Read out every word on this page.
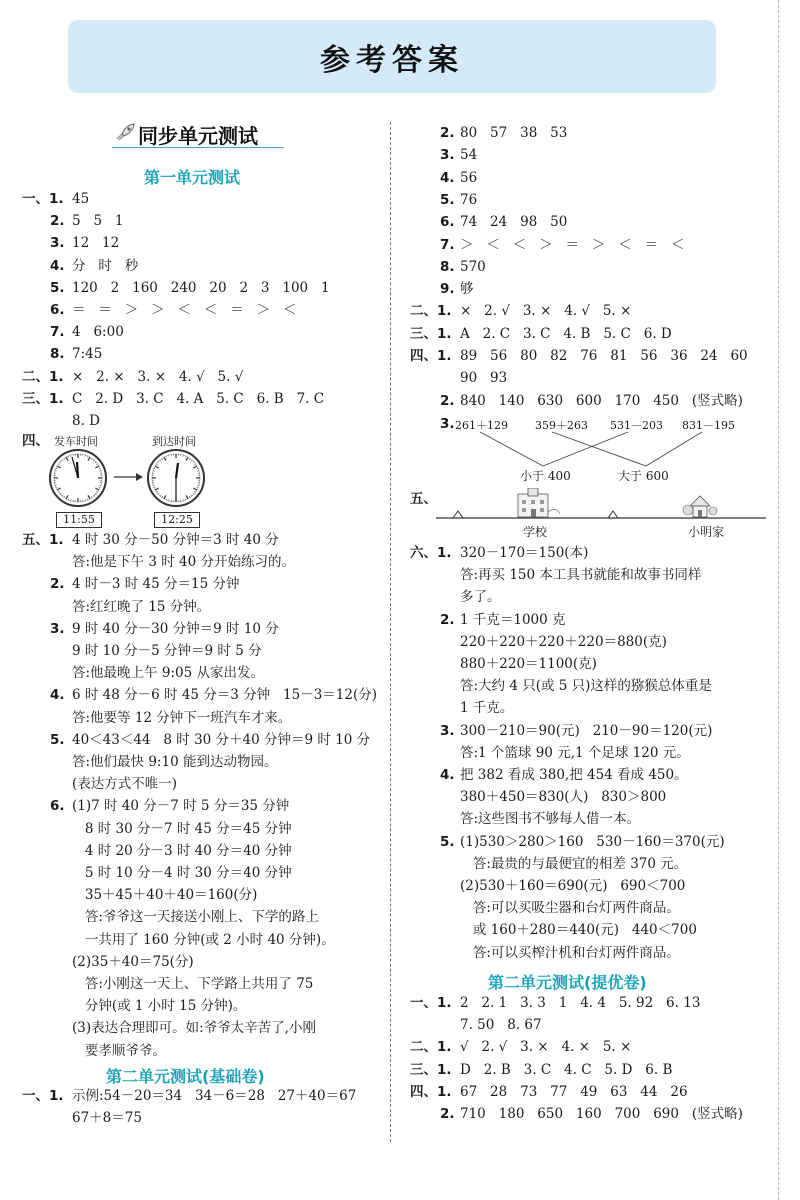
参考答案
同步单元测试
第一单元测试
一、1. 45
2. 5   5   1
3. 12   12
4. 分   时   秒
5. 120   2   160   240   20   2   3   100   1
6. ＝   ＝   ＞   ＞   ＜   ＜   ＝   ＞   ＜
7. 4   6:00
8. 7:45
二、1. ×   2. ×   3. ×   4. √   5. √
三、1. C   2. D   3. C   4. A   5. C   6. B   7. C
8. D
四、 发车时间	到达时间
11:55	12:25
五、1. 4 时 30 分－50 分钟＝3 时 40 分
答:他是下午 3 时 40 分开始练习的。
2. 4 时－3 时 45 分＝15 分钟
答:红红晚了 15 分钟。
3. 9 时 40 分－30 分钟＝9 时 10 分
9 时 10 分－5 分钟＝9 时 5 分
答:他最晚上午 9:05 从家出发。
4. 6 时 48 分－6 时 45 分＝3 分钟   15－3＝12(分)
答:他要等 12 分钟下一班汽车才来。
5. 40＜43＜44   8 时 30 分＋40 分钟＝9 时 10 分
答:他们最快 9:10 能到达动物园。
(表达方式不唯一)
6. (1)7 时 40 分－7 时 5 分＝35 分钟
8 时 30 分－7 时 45 分＝45 分钟
4 时 20 分－3 时 40 分＝40 分钟
5 时 10 分－4 时 30 分＝40 分钟
35＋45＋40＋40＝160(分)
答:爷爷这一天接送小刚上、下学的路上
一共用了 160 分钟(或 2 小时 40 分钟)。
(2)35＋40＝75(分)
答:小刚这一天上、下学路上共用了 75
分钟(或 1 小时 15 分钟)。
(3)表达合理即可。如:爷爷太辛苦了,小刚
要孝顺爷爷。
第二单元测试(基础卷)
一、1. 示例:54－20＝34   34－6＝28   27＋40＝67
67＋8＝75
2. 80   57   38   53
3. 54
4. 56
5. 76
6. 74   24   98   50
7. ＞   ＜   ＜   ＞   ＝   ＞   ＜   ＝   ＜
8. 570
9. 够
二、1. ×   2. √   3. ×   4. √   5. ×
三、1. A   2. C   3. C   4. B   5. C   6. D
四、1. 89   56   80   82   76   81   56   36   24   60
90   93
2. 840   140   630   600   170   450   (竖式略)
3. 261＋129 359＋263 531－203 831－195
小于 400	大于 600
五、
学校	小明家
六、1. 320－170＝150(本)
答:再买 150 本工具书就能和故事书同样
多了。
2. 1 千克＝1000 克
220＋220＋220＋220＝880(克)
880＋220＝1100(克)
答:大约 4 只(或 5 只)这样的猕猴总体重是
1 千克。
3. 300－210＝90(元)   210－90＝120(元)
答:1 个篮球 90 元,1 个足球 120 元。
4. 把 382 看成 380,把 454 看成 450。
380＋450＝830(人)   830＞800
答:这些图书不够每人借一本。
5. (1)530＞280＞160   530－160＝370(元)
答:最贵的与最便宜的相差 370 元。
(2)530＋160＝690(元)   690＜700
答:可以买吸尘器和台灯两件商品。
或 160＋280＝440(元)   440＜700
答:可以买榨汁机和台灯两件商品。
第二单元测试(提优卷)
一、1. 2   2. 1   3. 3   1   4. 4   5. 92   6. 13
7. 50   8. 67
二、1. √   2. √   3. ×   4. ×   5. ×
三、1. D   2. B   3. C   4. C   5. D   6. B
四、1. 67   28   73   77   49   63   44   26
2. 710   180   650   160   700   690   (竖式略)
